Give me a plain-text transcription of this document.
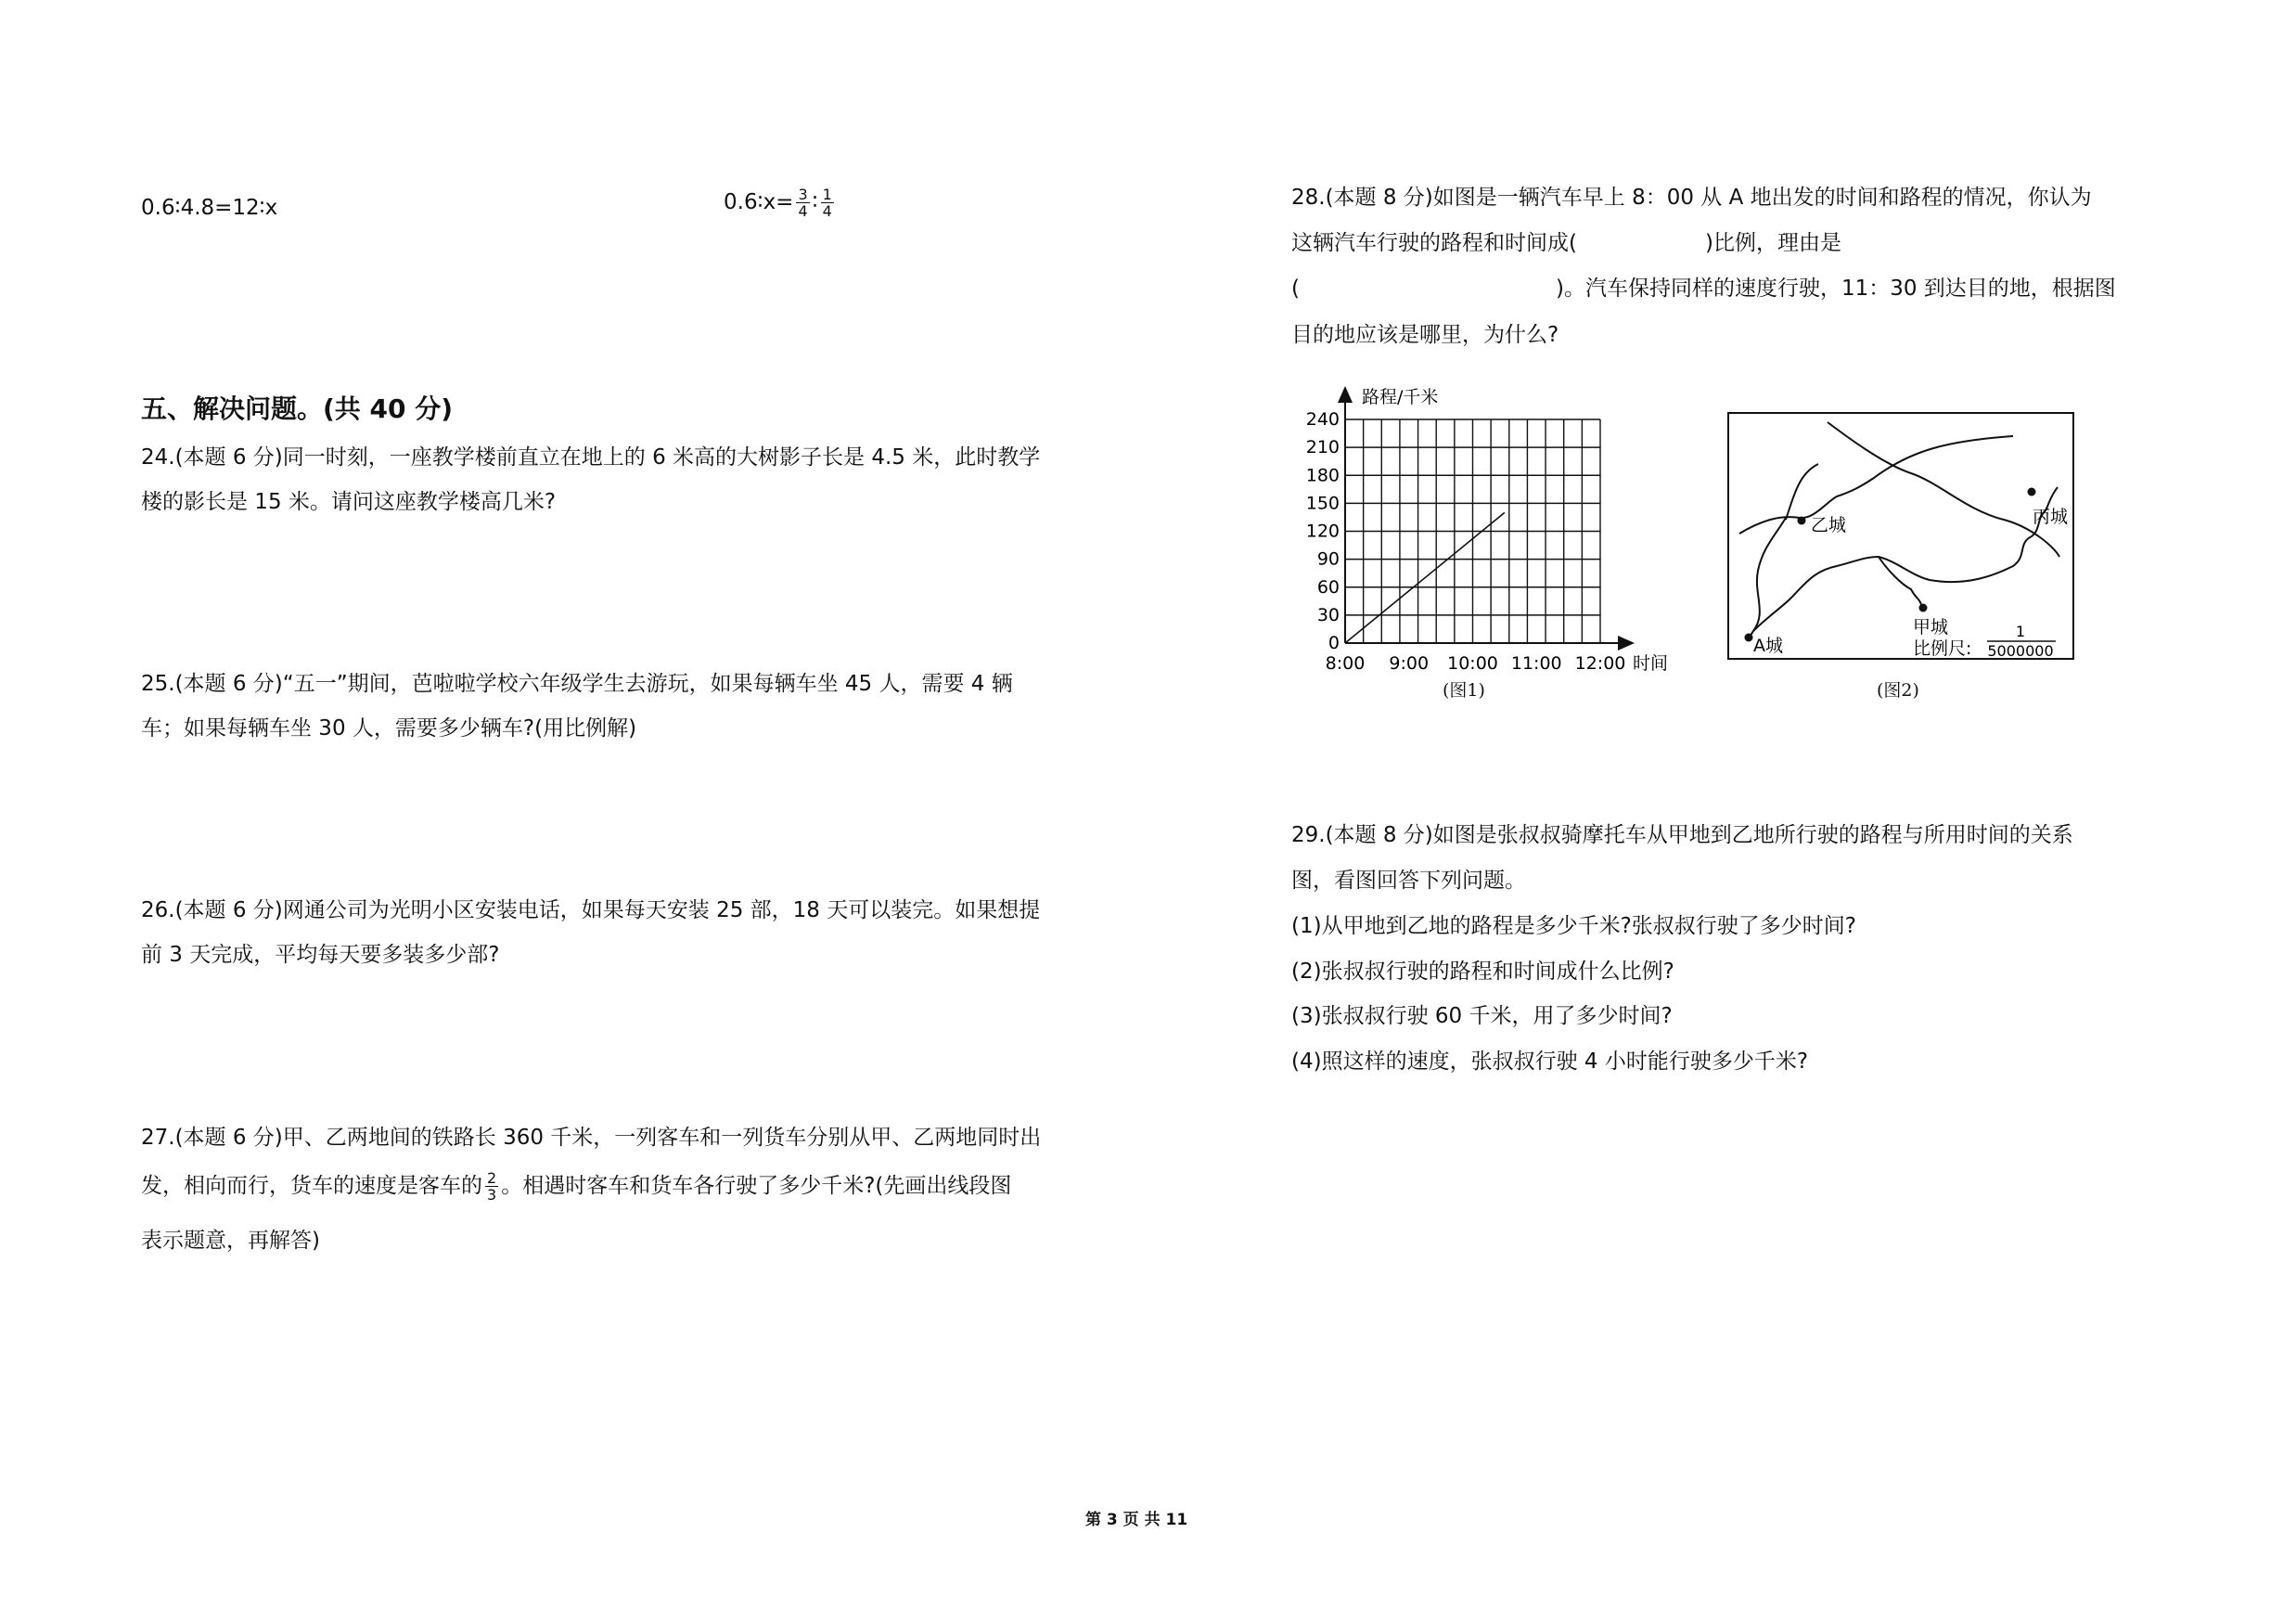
0.6∶4.8=12∶x	0.6∶x= $\frac{3}{4}$ ∶ $\frac{1}{4}$
五、解决问题。(共 40 分)
24.(本题 6 分)同一时刻，一座教学楼前直立在地上的 6 米高的大树影子长是 4.5 米，此时教学
楼的影长是 15 米。请问这座教学楼高几米?
25.(本题 6 分)“五一”期间，芭啦啦学校六年级学生去游玩，如果每辆车坐 45 人，需要 4 辆
车；如果每辆车坐 30 人，需要多少辆车?(用比例解)
26.(本题 6 分)网通公司为光明小区安装电话，如果每天安装 25 部，18 天可以装完。如果想提
前 3 天完成，平均每天要多装多少部?
27.(本题 6 分)甲、乙两地间的铁路长 360 千米，一列客车和一列货车分别从甲、乙两地同时出
发，相向而行，货车的速度是客车的 $\frac{2}{3}$ 。相遇时客车和货车各行驶了多少千米?(先画出线段图
表示题意，再解答)
28.(本题 8 分)如图是一辆汽车早上 8：00 从 A 地出发的时间和路程的情况，你认为
这辆汽车行驶的路程和时间成(　　　　　　)比例，理由是
(　　　　　　　　　　　　)。汽车保持同样的速度行驶，11：30 到达目的地，根据图
目的地应该是哪里，为什么?
0
30
60
90
120
150
180
210
240
8:00 9:00 10:00 11:00 12:00
路程/千米
时间
(图1)
乙城	丙城
甲城
A城	比例尺:
1
5000000
(图2)
29.(本题 8 分)如图是张叔叔骑摩托车从甲地到乙地所行驶的路程与所用时间的关系
图，看图回答下列问题。
(1)从甲地到乙地的路程是多少千米?张叔叔行驶了多少时间?
(2)张叔叔行驶的路程和时间成什么比例?
(3)张叔叔行驶 60 千米，用了多少时间?
(4)照这样的速度，张叔叔行驶 4 小时能行驶多少千米?
第 3 页 共 11
